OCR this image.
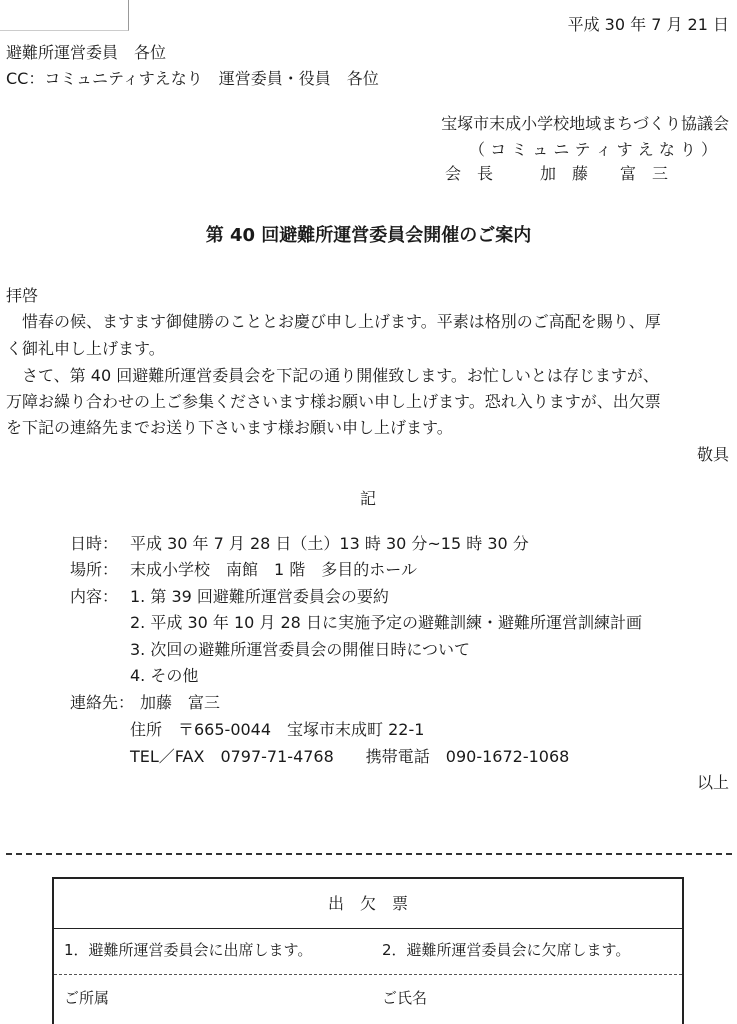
平成 30 年 7 月 21 日
避難所運営委員　各位
CC：コミュニティすえなり　運営委員・役員　各位
宝塚市末成小学校地域まちづくり協議会
（ コ ミ ュ ニ テ ィ す え な り ）
会　長	加　藤　　富　三
第 40 回避難所運営委員会開催のご案内
拝啓
惜春の候、ますます御健勝のこととお慶び申し上げます。平素は格別のご高配を賜り、厚
く御礼申し上げます。
さて、第 40 回避難所運営委員会を下記の通り開催致します。お忙しいとは存じますが、
万障お繰り合わせの上ご参集くださいます様お願い申し上げます。恐れ入りますが、出欠票
を下記の連絡先までお送り下さいます様お願い申し上げます。
敬具
記
日時： 平成 30 年 7 月 28 日（土）13 時 30 分~15 時 30 分
場所： 末成小学校　南館　1 階　多目的ホール
内容： 1. 第 39 回避難所運営委員会の要約
2. 平成 30 年 10 月 28 日に実施予定の避難訓練・避難所運営訓練計画
3. 次回の避難所運営委員会の開催日時について
4. その他
連絡先： 加藤　富三
住所　〒665-0044　宝塚市末成町 22-1
TEL／FAX　0797-71-4768　　携帯電話　090-1672-1068
以上
出　欠　票
1．避難所運営委員会に出席します。	2．避難所運営委員会に欠席します。
ご所属	ご氏名
